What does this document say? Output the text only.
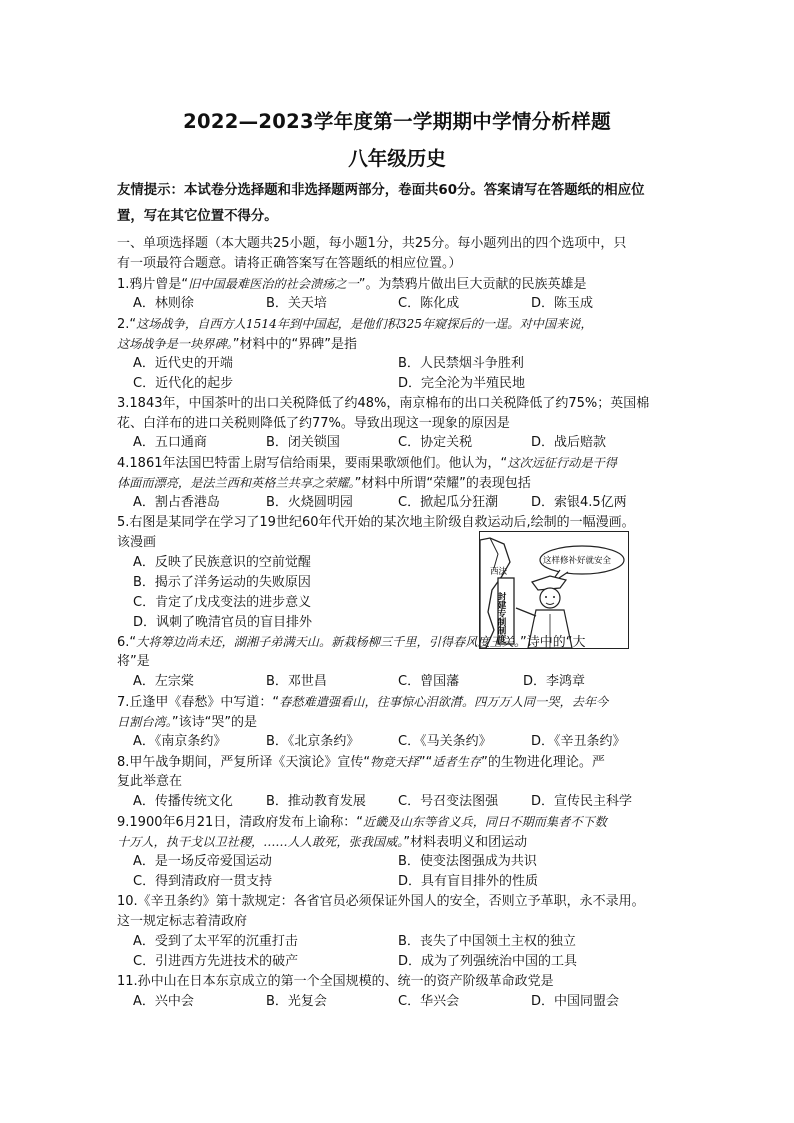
2022—2023学年度第一学期期中学情分析样题
八年级历史
友情提示：本试卷分选择题和非选择题两部分，卷面共60分。答案请写在答题纸的相应位
置，写在其它位置不得分。
一、单项选择题（本大题共25小题，每小题1分，共25分。每小题列出的四个选项中，只
有一项最符合题意。请将正确答案写在答题纸的相应位置。）
1.鸦片曾是“旧中国最难医治的社会溃疡之一”。为禁鸦片做出巨大贡献的民族英雄是
A．林则徐	B．关天培	C．陈化成	D．陈玉成
2.“这场战争，自西方人1514年到中国起，是他们积325年窥探后的一逞。对中国来说，
这场战争是一块界碑。”材料中的“界碑”是指
A．近代史的开端	B．人民禁烟斗争胜利
C．近代化的起步	D．完全沦为半殖民地
3.1843年，中国茶叶的出口关税降低了约48%，南京棉布的出口关税降低了约75%；英国棉
花、白洋布的进口关税则降低了约77%。导致出现这一现象的原因是
A．五口通商	B．闭关锁国	C．协定关税	D．战后赔款
4.1861年法国巴特雷上尉写信给雨果，要雨果歌颂他们。他认为，“这次远征行动是干得
体面而漂亮，是法兰西和英格兰共享之荣耀。”材料中所谓“荣耀”的表现包括
A．割占香港岛	B．火烧圆明园	C．掀起瓜分狂潮	D．索银4.5亿两
5.右图是某同学在学习了19世纪60年代开始的某次地主阶级自救运动后,绘制的一幅漫画。
该漫画
A．反映了民族意识的空前觉醒
B．揭示了洋务运动的失败原因
C．肯定了戊戌变法的进步意义
D．讽刺了晚清官员的盲目排外
西法
封建专制制度
这样修补好就安全
6.“大将筹边尚未还，湖湘子弟满天山。新栽杨柳三千里，引得春风度玉关。”诗中的“大
将”是
A．左宗棠	B．邓世昌	C．曾国藩	D．李鸿章
7.丘逢甲《春愁》中写道：“春愁难遣强看山，往事惊心泪欲潸。四万万人同一哭，去年今
日割台湾。”该诗“哭”的是
A．《南京条约》	B．《北京条约》	C．《马关条约》	D．《辛丑条约》
8.甲午战争期间，严复所译《天演论》宣传“物竞天择”“适者生存”的生物进化理论。严
复此举意在
A．传播传统文化	B．推动教育发展 C．号召变法图强	D．宣传民主科学
9.1900年6月21日，清政府发布上谕称：“近畿及山东等省义兵，同日不期而集者不下数
十万人，执干戈以卫社稷，……人人敢死，张我国威。”材料表明义和团运动
A．是一场反帝爱国运动	B．使变法图强成为共识
C．得到清政府一贯支持	D．具有盲目排外的性质
10.《辛丑条约》第十款规定：各省官员必须保证外国人的安全，否则立予革职，永不录用。
这一规定标志着清政府
A．受到了太平军的沉重打击	B．丧失了中国领土主权的独立
C．引进西方先进技术的破产	D．成为了列强统治中国的工具
11.孙中山在日本东京成立的第一个全国规模的、统一的资产阶级革命政党是
A．兴中会	B．光复会	C．华兴会	D．中国同盟会
